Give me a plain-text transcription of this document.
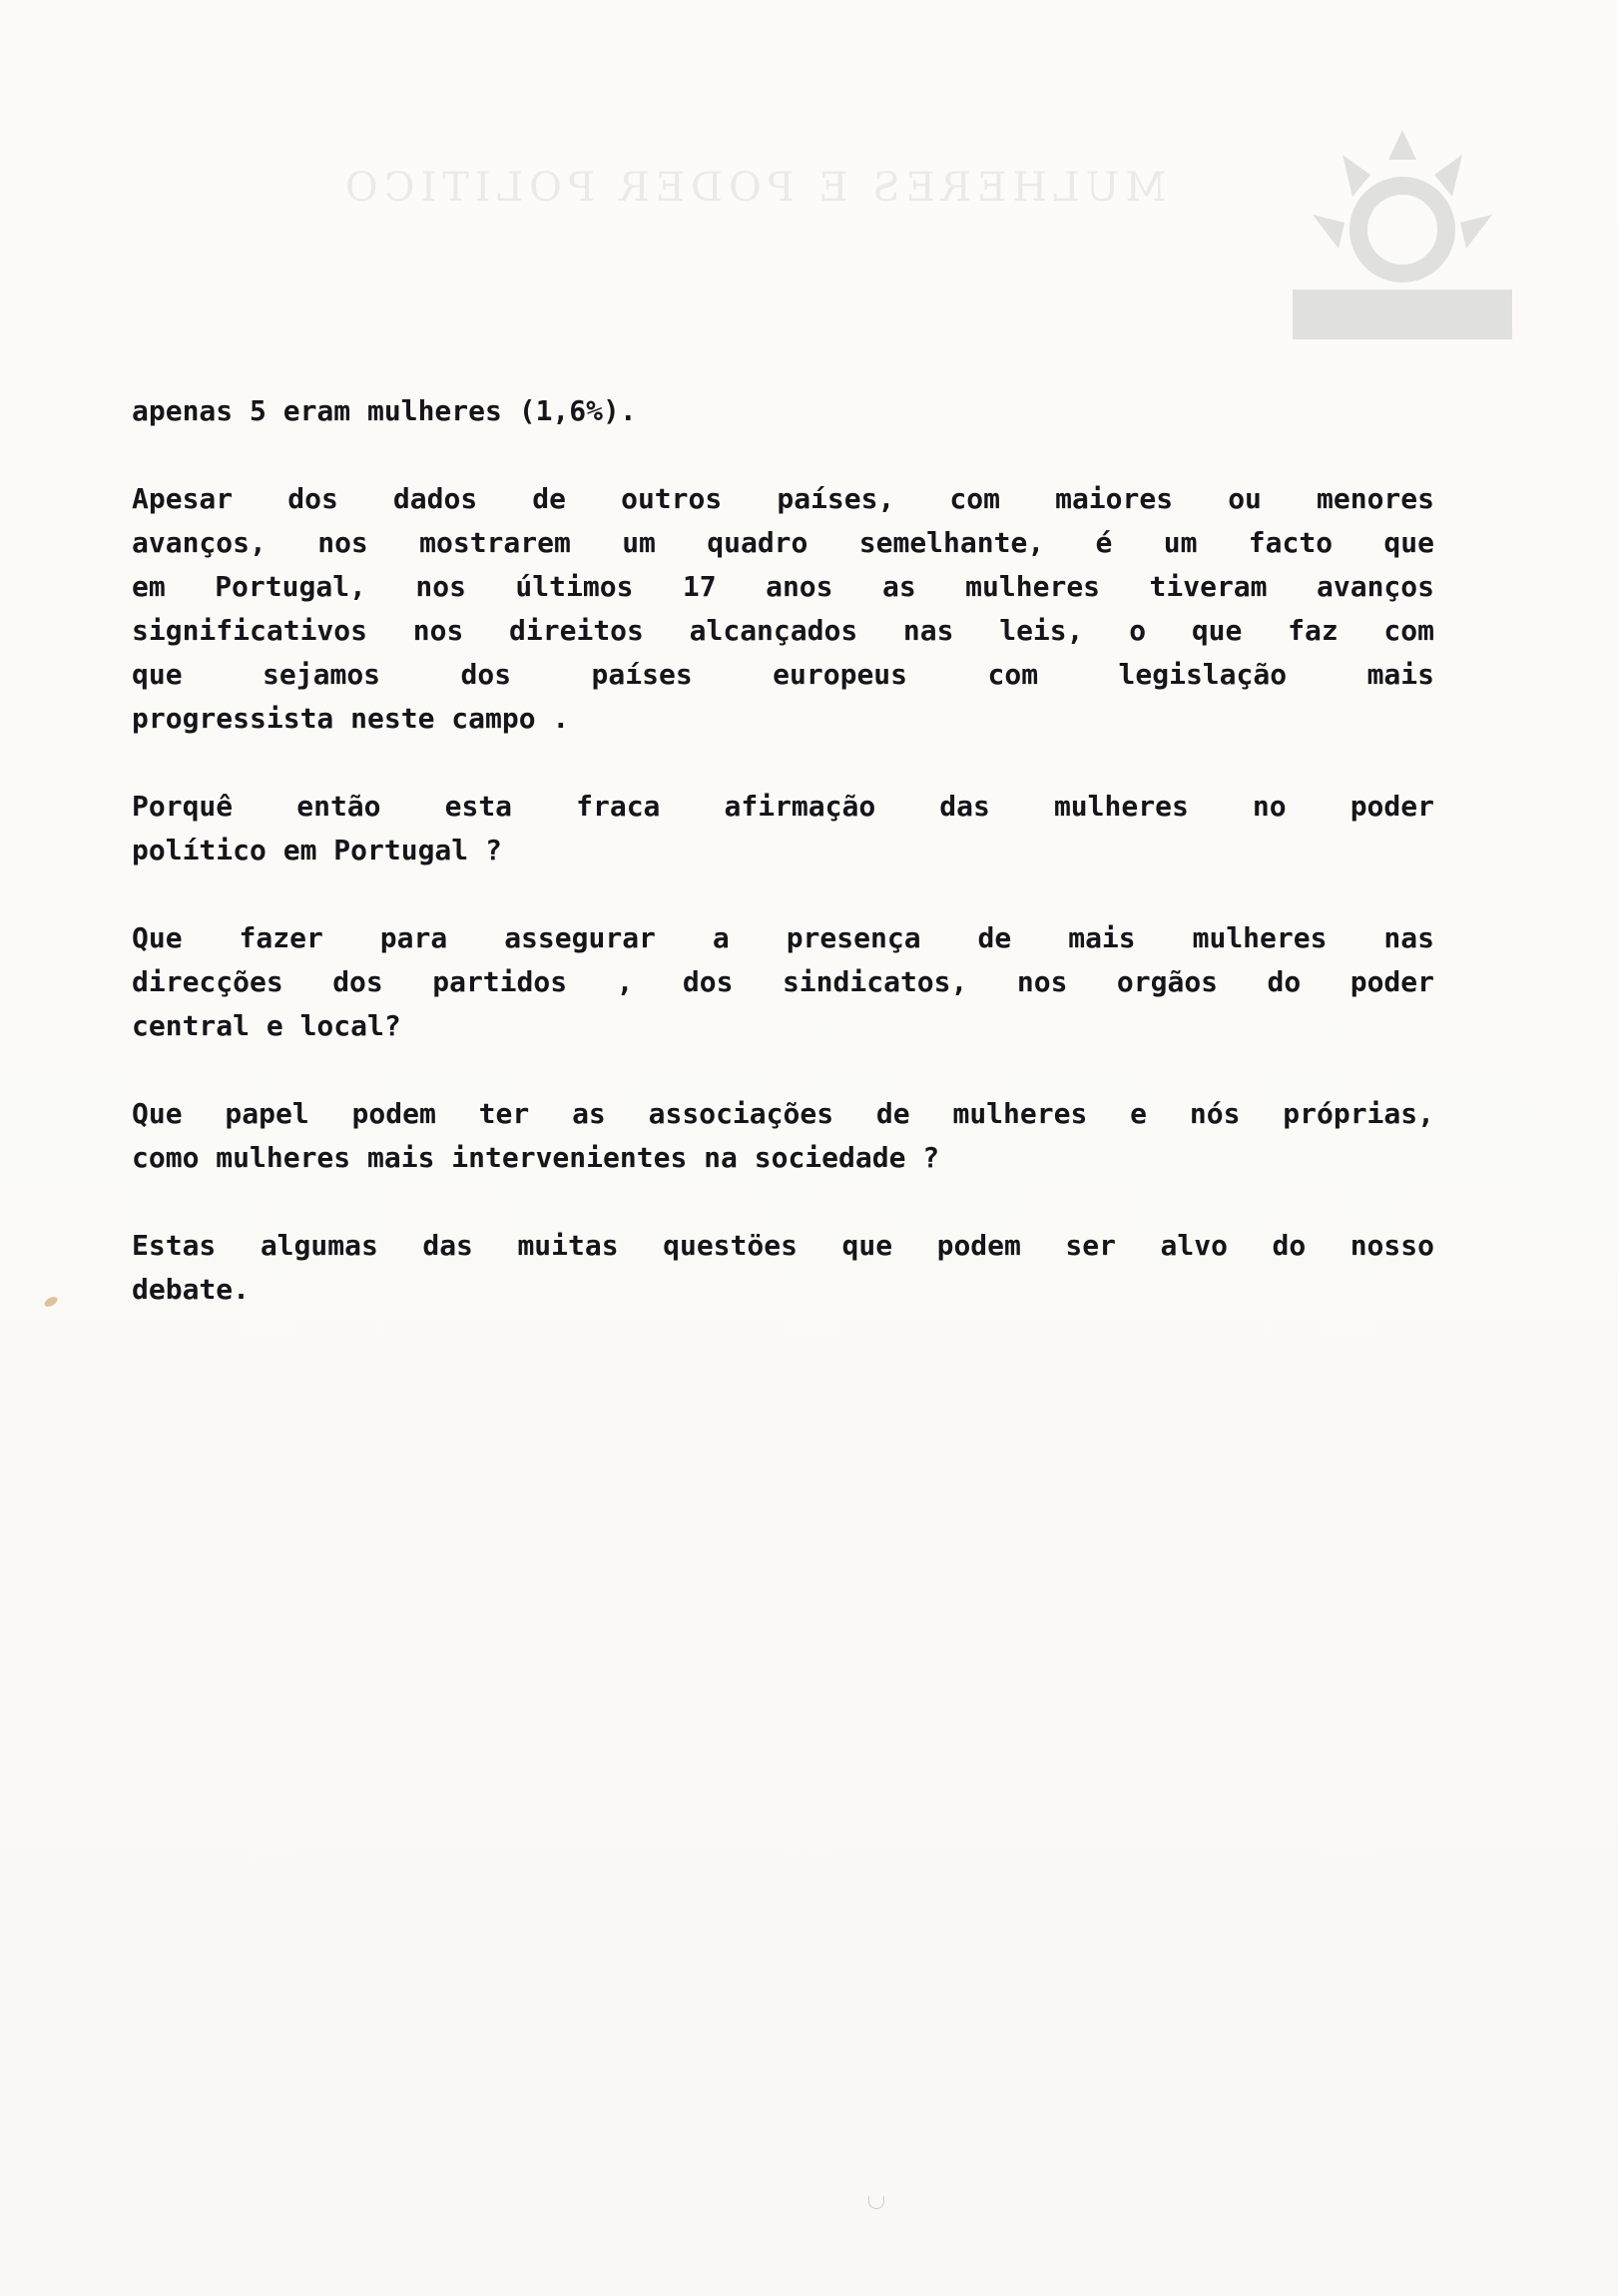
MULHERES E PODER POLITICO

apenas 5 eram mulheres (1,6%).

Apesar dos dados de outros países, com maiores ou menores
avanços, nos mostrarem um quadro semelhante, é um facto que
em Portugal, nos últimos 17 anos as mulheres tiveram avanços
significativos nos direitos alcançados nas leis, o que faz com
que sejamos dos países europeus com legislação mais
progressista neste campo .

Porquê então esta fraca afirmação das mulheres no poder
político em Portugal ?

Que fazer para assegurar a presença de mais mulheres nas
direcções dos partidos , dos sindicatos, nos orgãos do poder
central e local?

Que papel podem ter as associações de mulheres e nós próprias,
como mulheres mais intervenientes na sociedade ?

Estas algumas das muitas questöes que podem ser alvo do nosso
debate.
